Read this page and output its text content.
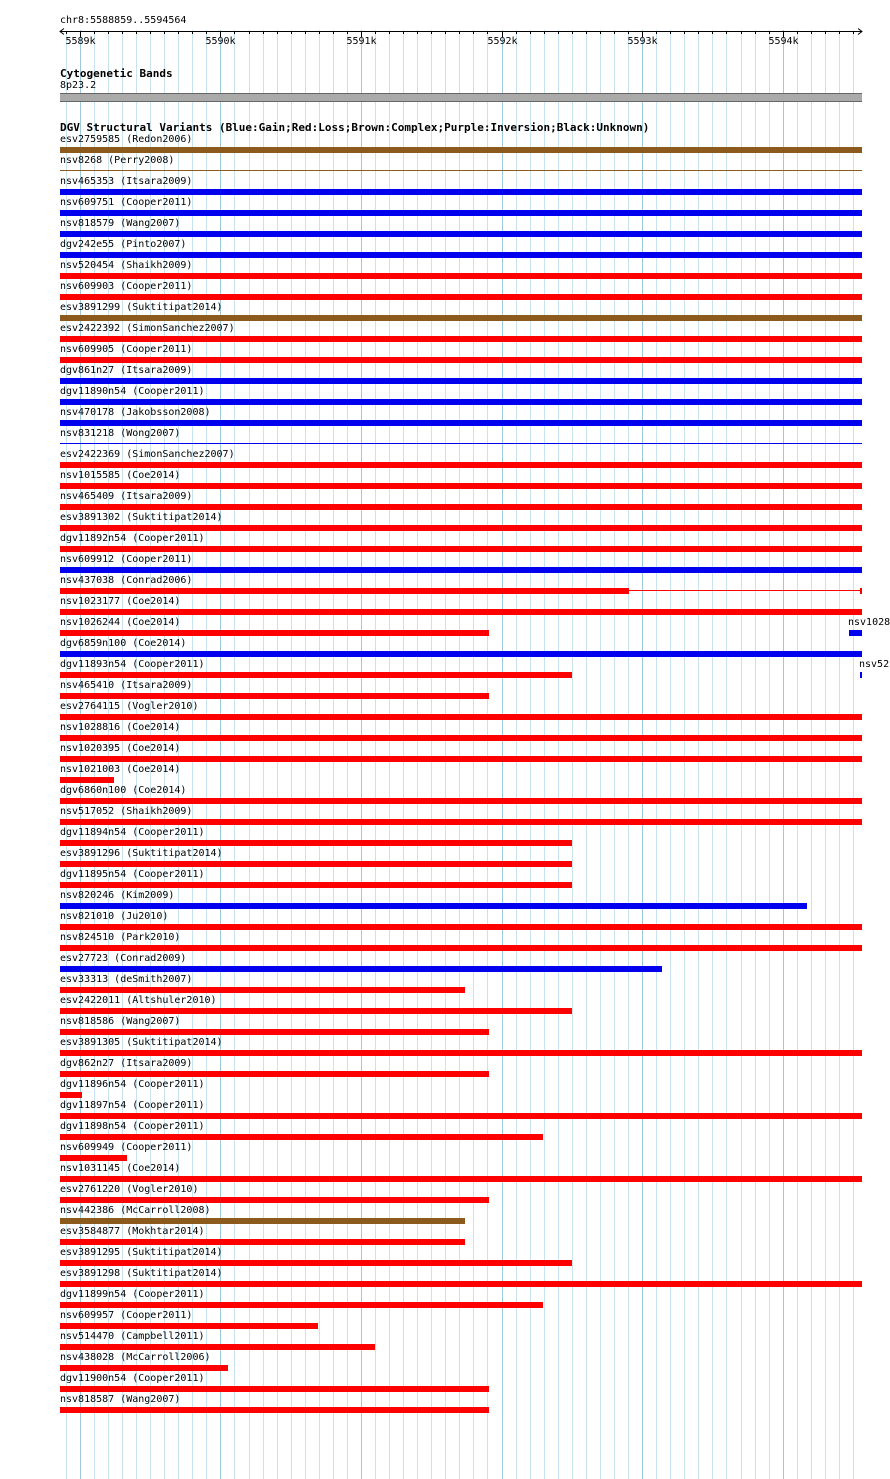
chr8:5588859..5594564
5589k	5590k	5591k	5592k	5593k	5594k
Cytogenetic Bands
8p23.2
DGV Structural Variants (Blue:Gain;Red:Loss;Brown:Complex;Purple:Inversion;Black:Unknown)
esv2759585 (Redon2006)
nsv8268 (Perry2008)
nsv465353 (Itsara2009)
nsv609751 (Cooper2011)
nsv818579 (Wang2007)
dgv242e55 (Pinto2007)
nsv520454 (Shaikh2009)
nsv609903 (Cooper2011)
esv3891299 (Suktitipat2014)
esv2422392 (SimonSanchez2007)
nsv609905 (Cooper2011)
dgv861n27 (Itsara2009)
dgv11890n54 (Cooper2011)
nsv470178 (Jakobsson2008)
nsv831218 (Wong2007)
esv2422369 (SimonSanchez2007)
nsv1015585 (Coe2014)
nsv465409 (Itsara2009)
esv3891302 (Suktitipat2014)
dgv11892n54 (Cooper2011)
nsv609912 (Cooper2011)
nsv437038 (Conrad2006)
nsv1023177 (Coe2014)
nsv1026244 (Coe2014)	nsv1028
dgv6859n100 (Coe2014)
dgv11893n54 (Cooper2011)	nsv52
nsv465410 (Itsara2009)
esv2764115 (Vogler2010)
nsv1028816 (Coe2014)
nsv1020395 (Coe2014)
nsv1021003 (Coe2014)
dgv6860n100 (Coe2014)
nsv517052 (Shaikh2009)
dgv11894n54 (Cooper2011)
esv3891296 (Suktitipat2014)
dgv11895n54 (Cooper2011)
nsv820246 (Kim2009)
nsv821010 (Ju2010)
nsv824510 (Park2010)
esv27723 (Conrad2009)
esv33313 (deSmith2007)
esv2422011 (Altshuler2010)
nsv818586 (Wang2007)
esv3891305 (Suktitipat2014)
dgv862n27 (Itsara2009)
dgv11896n54 (Cooper2011)
dgv11897n54 (Cooper2011)
dgv11898n54 (Cooper2011)
nsv609949 (Cooper2011)
nsv1031145 (Coe2014)
esv2761220 (Vogler2010)
nsv442386 (McCarroll2008)
esv3584877 (Mokhtar2014)
esv3891295 (Suktitipat2014)
esv3891298 (Suktitipat2014)
dgv11899n54 (Cooper2011)
nsv609957 (Cooper2011)
nsv514470 (Campbell2011)
nsv438028 (McCarroll2006)
dgv11900n54 (Cooper2011)
nsv818587 (Wang2007)
